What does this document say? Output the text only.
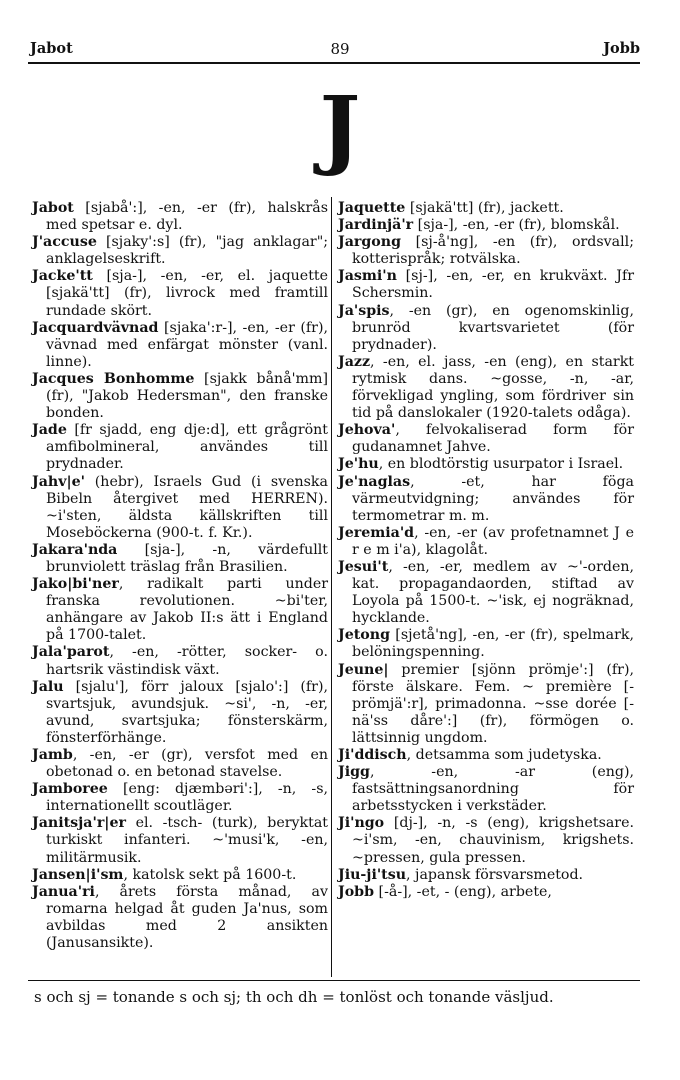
Jabot	89	Jobb
J
Jabot [sjabå':], -en, -er (fr), halskrås med spetsar e. dyl.
J'accuse [sjaky':s] (fr), "jag anklagar"; anklagelseskrift.
Jacke'tt [sja-], -en, -er, el. jaquette [sjakä'tt] (fr), livrock med framtill rundade skört.
Jacquardvävnad [sjaka':r-], -en, -er (fr), vävnad med enfärgat mönster (vanl. linne).
Jacques Bonhomme [sjakk bånå'mm] (fr), "Jakob Hedersman", den franske bonden.
Jade [fr sjadd, eng dje:d], ett grågrönt amfibolmineral, användes till prydnader.
Jahv|e' (hebr), Israels Gud (i svenska Bibeln återgivet med HERREN). ~i'sten, äldsta källskriften till Moseböckerna (900-t. f. Kr.).
Jakara'nda [sja-], -n, värdefullt brunviolett träslag från Brasilien.
Jako|bi'ner, radikalt parti under franska revolutionen. ~bi'ter, anhängare av Jakob II:s ätt i England på 1700-talet.
Jala'parot, -en, -rötter, socker- o. hartsrik västindisk växt.
Jalu [sjalu'], förr jaloux [sjalo':] (fr), svartsjuk, avundsjuk. ~si', -n, -er, avund, svartsjuka; fönsterskärm, fönsterförhänge.
Jamb, -en, -er (gr), versfot med en obetonad o. en betonad stavelse.
Jamboree [eng: djæmbəri':], -n, -s, internationellt scoutläger.
Janitsja'r|er el. -tsch- (turk), beryktat turkiskt infanteri. ~'musi'k, -en, militärmusik.
Jansen|i'sm, katolsk sekt på 1600-t.
Janua'ri, årets första månad, av romarna helgad åt guden Ja'nus, som avbildas med 2 ansikten (Janusansikte).
Jaquette [sjakä'tt] (fr), jackett.
Jardinjä'r [sja-], -en, -er (fr), blomskål.
Jargong [sj-å'ng], -en (fr), ordsvall; kotterispråk; rotvälska.
Jasmi'n [sj-], -en, -er, en krukväxt. Jfr Schersmin.
Ja'spis, -en (gr), en ogenomskinlig, brunröd kvartsvarietet (för prydnader).
Jazz, -en, el. jass, -en (eng), en starkt rytmisk dans. ~gosse, -n, -ar, förvekligad yngling, som fördriver sin tid på danslokaler (1920-talets odåga).
Jehova', felvokaliserad form för gudanamnet Jahve.
Je'hu, en blodtörstig usurpator i Israel.
Je'naglas, -et, har föga värmeutvidgning; användes för termometrar m. m.
Jeremia'd, -en, -er (av profetnamnet J e r e m i'a), klagolåt.
Jesui't, -en, -er, medlem av ~'-orden, kat. propagandaorden, stiftad av Loyola på 1500-t. ~'isk, ej nogräknad, hycklande.
Jetong [sjetå'ng], -en, -er (fr), spelmark, belöningspenning.
Jeune| premier [sjönn prömje':] (fr), förste älskare. Fem. ~ première [- prömjä':r], primadonna. ~sse dorée [-nä'ss dåre':] (fr), förmögen o. lättsinnig ungdom.
Ji'ddisch, detsamma som judetyska.
Jigg, -en, -ar (eng), fastsättningsanordning för arbetsstycken i verkstäder.
Ji'ngo [dj-], -n, -s (eng), krigshetsare. ~i'sm, -en, chauvinism, krigshets. ~pressen, gula pressen.
Jiu-ji'tsu, japansk försvarsmetod.
Jobb [-å-], -et, - (eng), arbete,
s och sj = tonande s och sj; th och dh = tonlöst och tonande väsljud.
